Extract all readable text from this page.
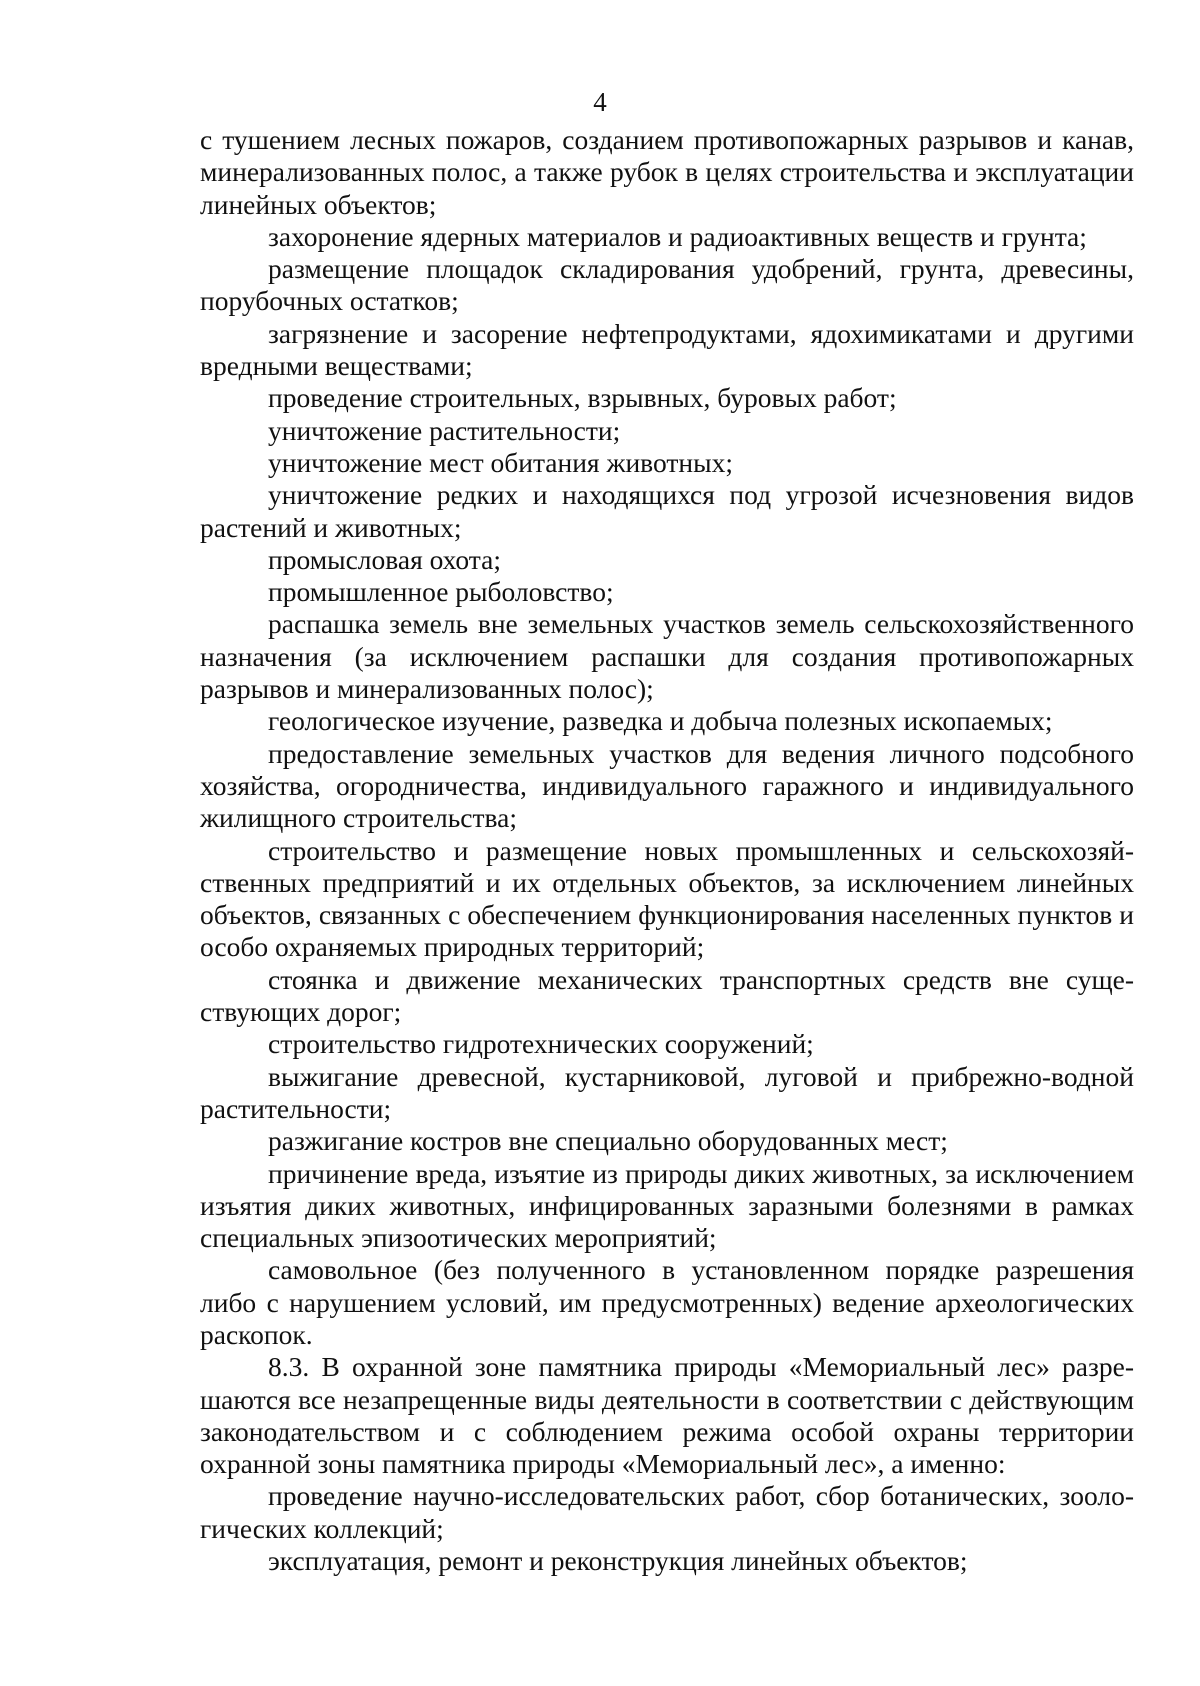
4

с тушением лесных пожаров, созданием противопожарных разрывов и канав, минерализованных полос, а также рубок в целях строительства и эксплуатации линейных объектов;

захоронение ядерных материалов и радиоактивных веществ и грунта;

размещение площадок складирования удобрений, грунта, древесины, порубочных остатков;

загрязнение и засорение нефтепродуктами, ядохимикатами и другими вредными веществами;

проведение строительных, взрывных, буровых работ;

уничтожение растительности;

уничтожение мест обитания животных;

уничтожение редких и находящихся под угрозой исчезновения видов растений и животных;

промысловая охота;

промышленное рыболовство;

распашка земель вне земельных участков земель сельскохозяйственного назначения (за исключением распашки для создания противопожарных разрывов и минерализованных полос);

геологическое изучение, разведка и добыча полезных ископаемых;

предоставление земельных участков для ведения личного подсобного хозяйства, огородничества, индивидуального гаражного и индивидуального жилищного строительства;

строительство и размещение новых промышленных и сельскохозяйственных предприятий и их отдельных объектов, за исключением линейных объектов, связанных с обеспечением функционирования населенных пунктов и особо охраняемых природных территорий;

стоянка и движение механических транспортных средств вне существующих дорог;

строительство гидротехнических сооружений;

выжигание древесной, кустарниковой, луговой и прибрежно-водной растительности;

разжигание костров вне специально оборудованных мест;

причинение вреда, изъятие из природы диких животных, за исключением изъятия диких животных, инфицированных заразными болезнями в рамках специальных эпизоотических мероприятий;

самовольное (без полученного в установленном порядке разрешения либо с нарушением условий, им предусмотренных) ведение археологических раскопок.

8.3. В охранной зоне памятника природы «Мемориальный лес» разрешаются все незапрещенные виды деятельности в соответствии с действующим законодательством и с соблюдением режима особой охраны территории охранной зоны памятника природы «Мемориальный лес», а именно:

проведение научно-исследовательских работ, сбор ботанических, зоологических коллекций;

эксплуатация, ремонт и реконструкция линейных объектов;
